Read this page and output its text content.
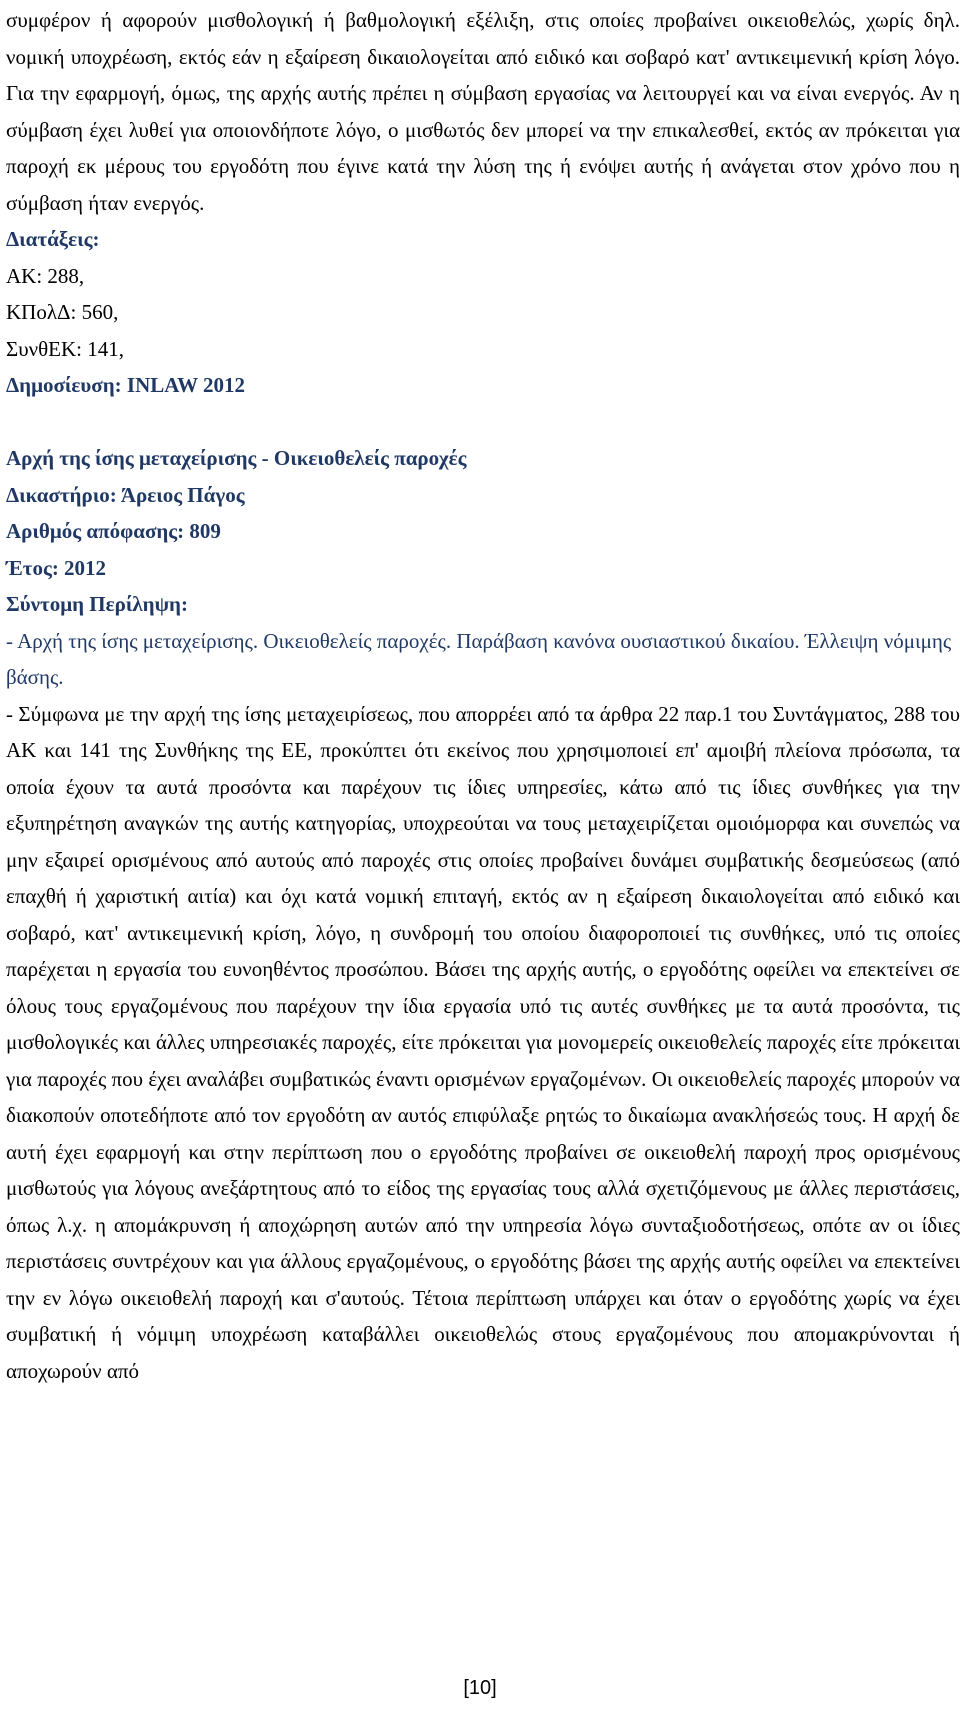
συμφέρον ή αφορούν μισθολογική ή βαθμολογική εξέλιξη, στις οποίες προβαίνει οικειοθελώς, χωρίς δηλ. νομική υποχρέωση, εκτός εάν η εξαίρεση δικαιολογείται από ειδικό και σοβαρό κατ' αντικειμενική κρίση λόγο. Για την εφαρμογή, όμως, της αρχής αυτής πρέπει η σύμβαση εργασίας να λειτουργεί και να είναι ενεργός. Αν η σύμβαση έχει λυθεί για οποιονδήποτε λόγο, ο μισθωτός δεν μπορεί να την επικαλεσθεί, εκτός αν πρόκειται για παροχή εκ μέρους του εργοδότη που έγινε κατά την λύση της ή ενόψει αυτής ή ανάγεται στον χρόνο που η σύμβαση ήταν ενεργός.

Διατάξεις:

ΑΚ: 288,

ΚΠολΔ: 560,

ΣυνθΕΚ: 141,

Δημοσίευση: INLAW 2012

Αρχή της ίσης μεταχείρισης - Οικειοθελείς παροχές

Δικαστήριο: Άρειος Πάγος

Αριθμός απόφασης: 809

Έτος: 2012

Σύντομη Περίληψη:

- Αρχή της ίσης μεταχείρισης. Οικειοθελείς παροχές. Παράβαση κανόνα ουσιαστικού δικαίου. Έλλειψη νόμιμης βάσης.

- Σύμφωνα με την αρχή της ίσης μεταχειρίσεως, που απορρέει από τα άρθρα 22 παρ.1 του Συντάγματος, 288 του ΑΚ και 141 της Συνθήκης της ΕΕ, προκύπτει ότι εκείνος που χρησιμοποιεί επ' αμοιβή πλείονα πρόσωπα, τα οποία έχουν τα αυτά προσόντα και παρέχουν τις ίδιες υπηρεσίες, κάτω από τις ίδιες συνθήκες για την εξυπηρέτηση αναγκών της αυτής κατηγορίας, υποχρεούται να τους μεταχειρίζεται ομοιόμορφα και συνεπώς να μην εξαιρεί ορισμένους από αυτούς από παροχές στις οποίες προβαίνει δυνάμει συμβατικής δεσμεύσεως (από επαχθή ή χαριστική αιτία) και όχι κατά νομική επιταγή, εκτός αν η εξαίρεση δικαιολογείται από ειδικό και σοβαρό, κατ' αντικειμενική κρίση, λόγο, η συνδρομή του οποίου διαφοροποιεί τις συνθήκες, υπό τις οποίες παρέχεται η εργασία του ευνοηθέντος προσώπου. Βάσει της αρχής αυτής, ο εργοδότης οφείλει να επεκτείνει σε όλους τους εργαζομένους που παρέχουν την ίδια εργασία υπό τις αυτές συνθήκες με τα αυτά προσόντα, τις μισθολογικές και άλλες υπηρεσιακές παροχές, είτε πρόκειται για μονομερείς οικειοθελείς παροχές είτε πρόκειται για παροχές που έχει αναλάβει συμβατικώς έναντι ορισμένων εργαζομένων. Οι οικειοθελείς παροχές μπορούν να διακοπούν οποτεδήποτε από τον εργοδότη αν αυτός επιφύλαξε ρητώς το δικαίωμα ανακλήσεώς τους. Η αρχή δε αυτή έχει εφαρμογή και στην περίπτωση που ο εργοδότης προβαίνει σε οικειοθελή παροχή προς ορισμένους μισθωτούς για λόγους ανεξάρτητους από το είδος της εργασίας τους αλλά σχετιζόμενους με άλλες περιστάσεις, όπως λ.χ. η απομάκρυνση ή αποχώρηση αυτών από την υπηρεσία λόγω συνταξιοδοτήσεως, οπότε αν οι ίδιες περιστάσεις συντρέχουν και για άλλους εργαζομένους, ο εργοδότης βάσει της αρχής αυτής οφείλει να επεκτείνει την εν λόγω οικειοθελή παροχή και σ'αυτούς. Τέτοια περίπτωση υπάρχει και όταν ο εργοδότης χωρίς να έχει συμβατική ή νόμιμη υποχρέωση καταβάλλει οικειοθελώς στους εργαζομένους που απομακρύνονται ή αποχωρούν από

[10]
